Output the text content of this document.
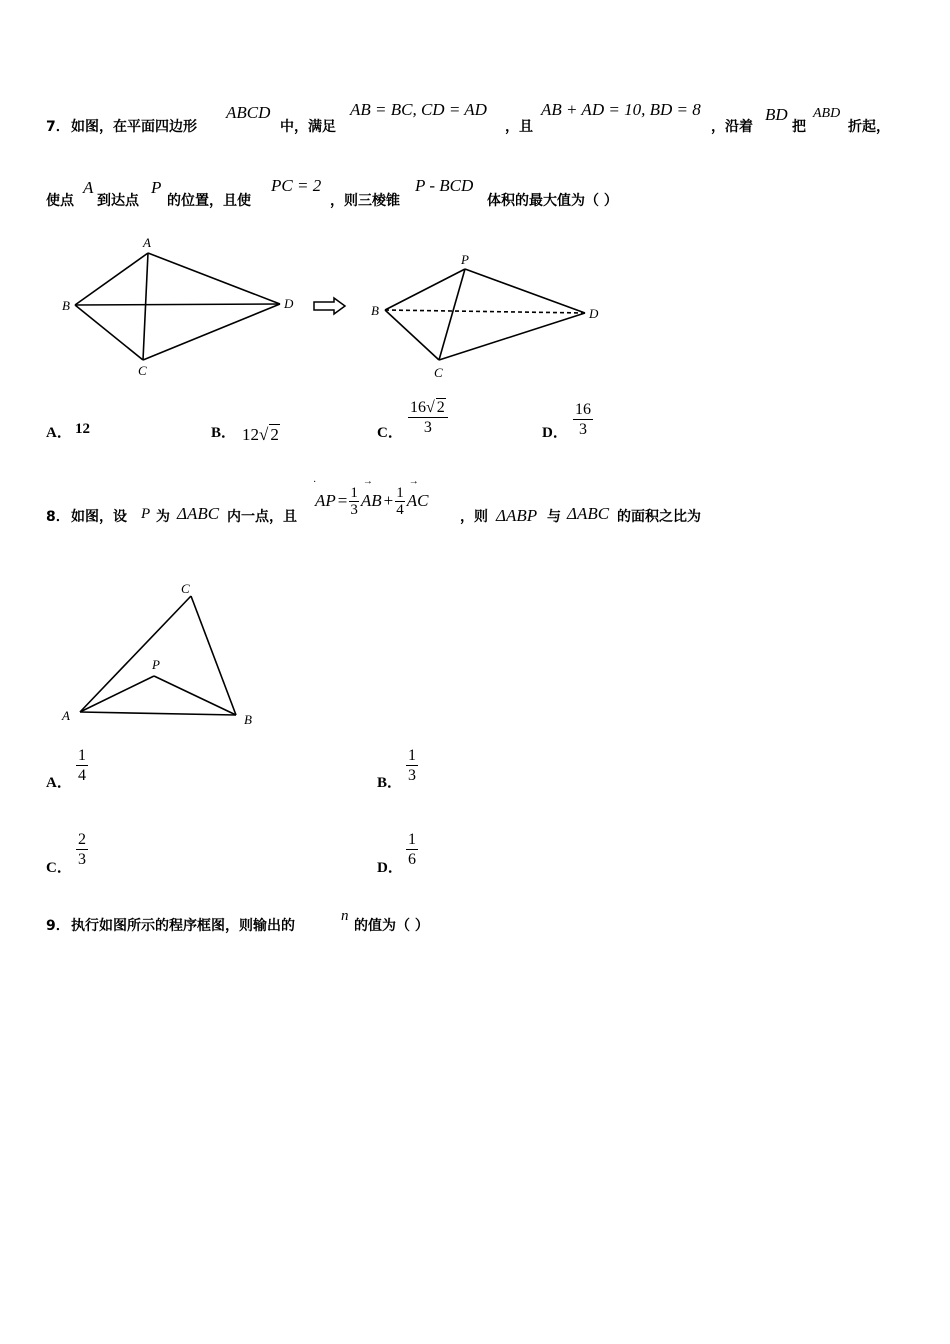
7． 如图，在平面四边形
ABCD
中，满足
AB = BC, CD = AD
，且
AB + AD = 10, BD = 8
，沿着
BD
把
ABD
折起，
使点
A
到达点
P
的位置，且使
PC = 2
，则三棱锥
P - BCD
体积的最大值为（ ）
A
B
C
D
P
B
C
D
A． 12	B． 12√ 2	C． $\frac{16√ 2}{3}$	D． $\frac{16}{3}$
8． 如图，设 P 为 ΔABC 内一点，且
·
AP = $\frac{1}{3}$
→
AB + $\frac{1}{4}$
→
AC
，则 ΔABP 与 ΔABC 的面积之比为
C
P
A	B
A． $\frac{1}{4}$	B． $\frac{1}{3}$
C． $\frac{2}{3}$	D． $\frac{1}{6}$
9． 执行如图所示的程序框图，则输出的
n
的值为（ ）
